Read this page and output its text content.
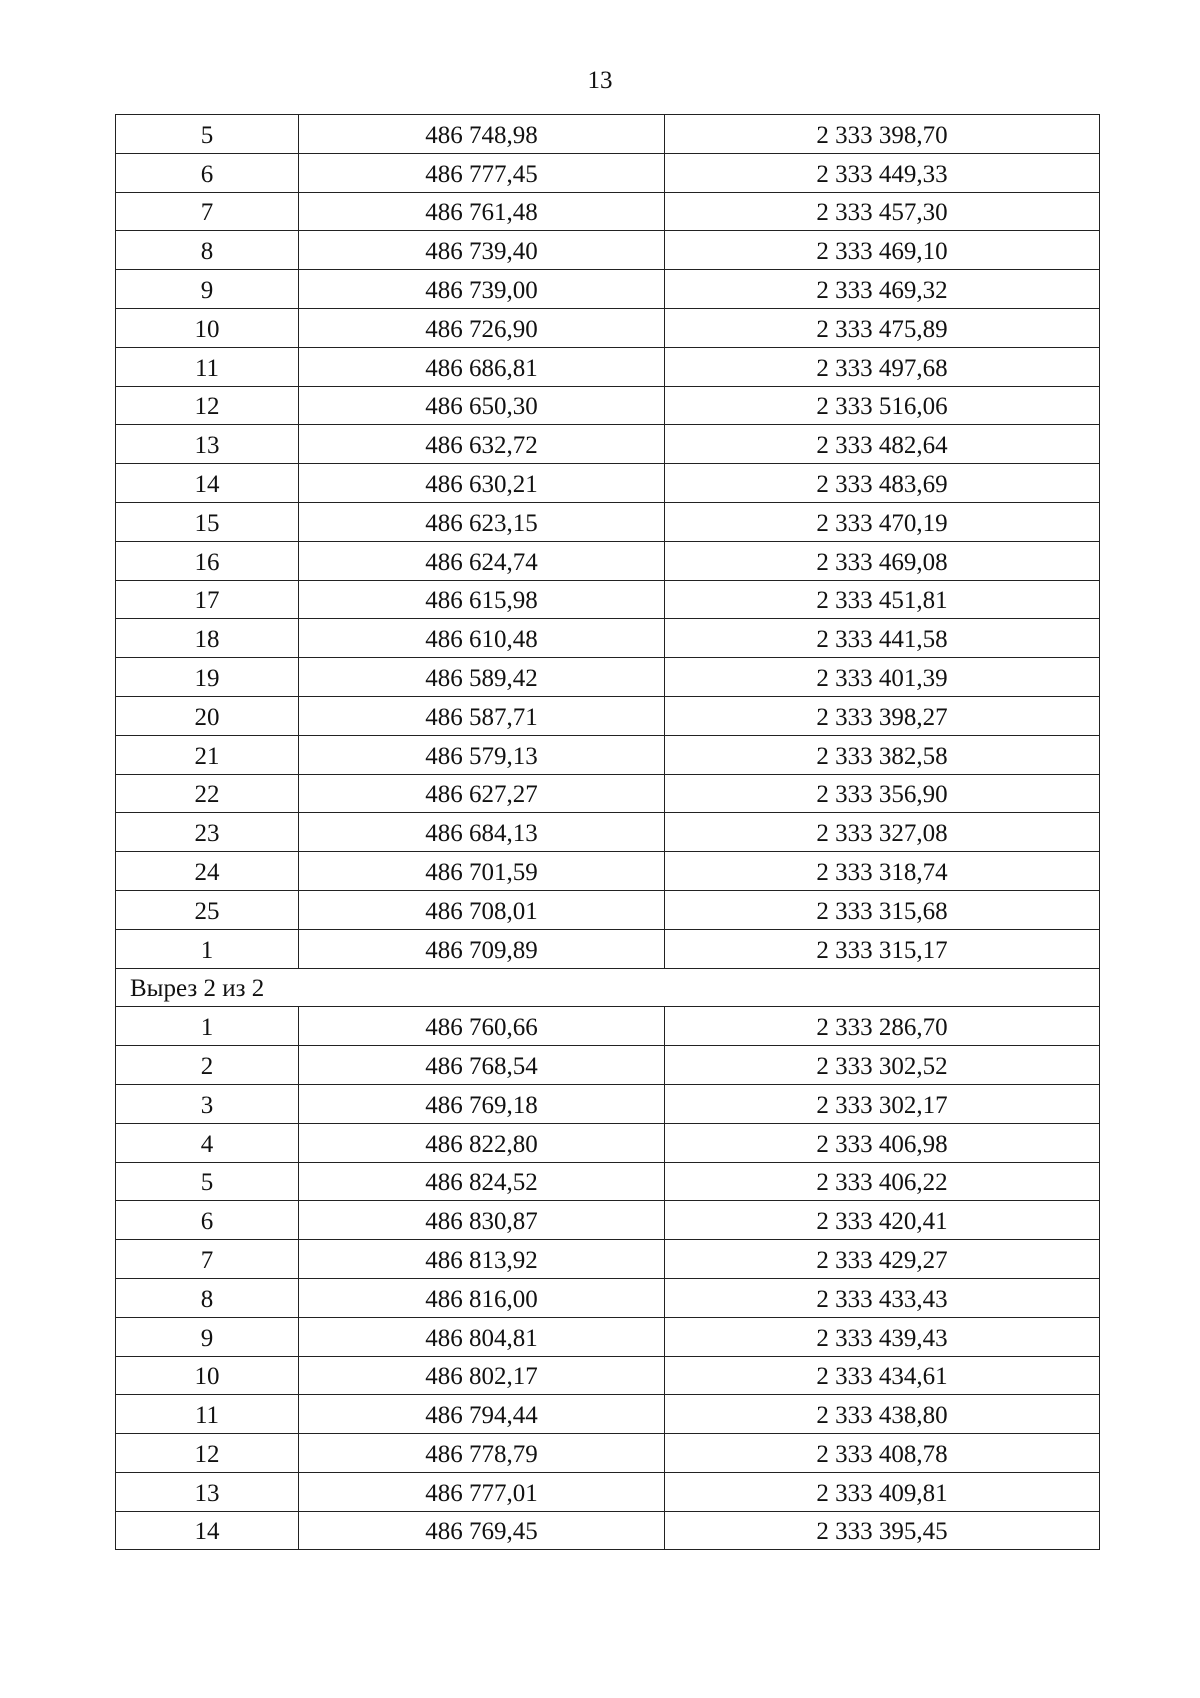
13
5	486 748,98	2 333 398,70
6	486 777,45	2 333 449,33
7	486 761,48	2 333 457,30
8	486 739,40	2 333 469,10
9	486 739,00	2 333 469,32
10	486 726,90	2 333 475,89
11	486 686,81	2 333 497,68
12	486 650,30	2 333 516,06
13	486 632,72	2 333 482,64
14	486 630,21	2 333 483,69
15	486 623,15	2 333 470,19
16	486 624,74	2 333 469,08
17	486 615,98	2 333 451,81
18	486 610,48	2 333 441,58
19	486 589,42	2 333 401,39
20	486 587,71	2 333 398,27
21	486 579,13	2 333 382,58
22	486 627,27	2 333 356,90
23	486 684,13	2 333 327,08
24	486 701,59	2 333 318,74
25	486 708,01	2 333 315,68
1	486 709,89	2 333 315,17
Вырез 2 из 2		
1	486 760,66	2 333 286,70
2	486 768,54	2 333 302,52
3	486 769,18	2 333 302,17
4	486 822,80	2 333 406,98
5	486 824,52	2 333 406,22
6	486 830,87	2 333 420,41
7	486 813,92	2 333 429,27
8	486 816,00	2 333 433,43
9	486 804,81	2 333 439,43
10	486 802,17	2 333 434,61
11	486 794,44	2 333 438,80
12	486 778,79	2 333 408,78
13	486 777,01	2 333 409,81
14	486 769,45	2 333 395,45
